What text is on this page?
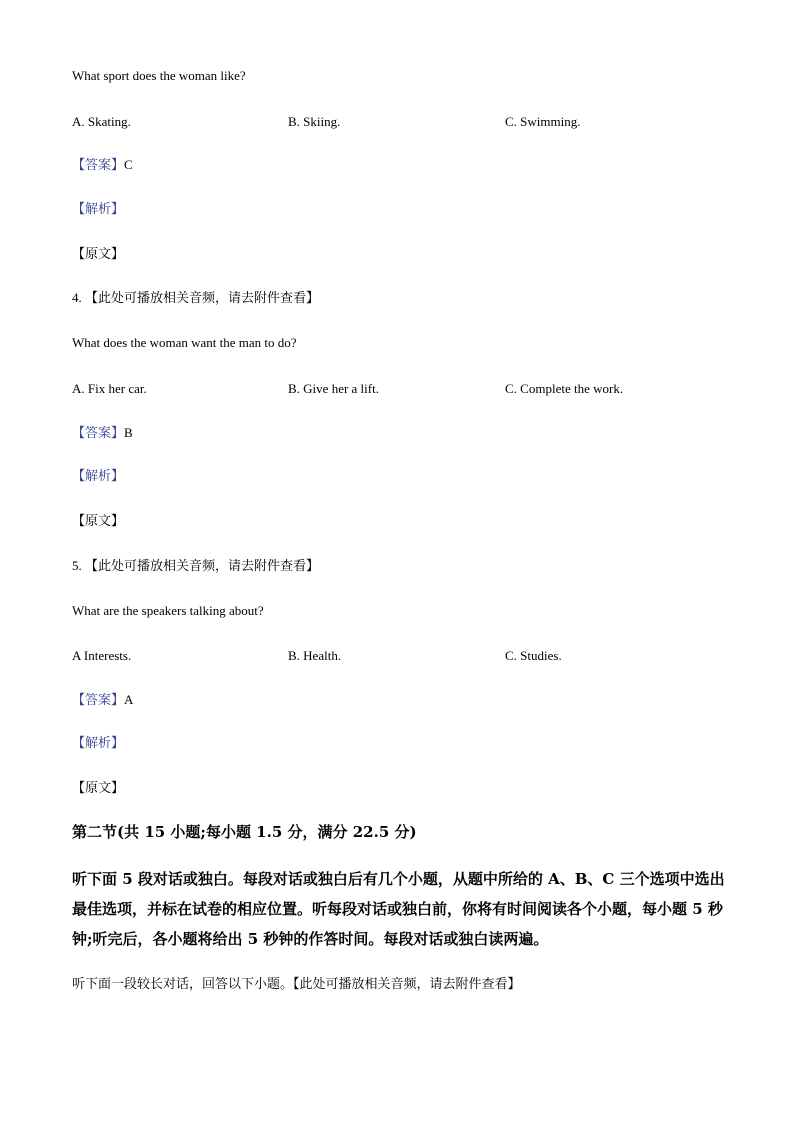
What sport does the woman like?
A. Skating.	B. Skiing.	C. Swimming.
【答案】C
【解析】
【原文】
4. 【此处可播放相关音频，请去附件查看】
What does the woman want the man to do?
A. Fix her car.	B. Give her a lift.	C. Complete the work.
【答案】B
【解析】
【原文】
5. 【此处可播放相关音频，请去附件查看】
What are the speakers talking about?
A Interests.	B. Health.	C. Studies.
【答案】A
【解析】
【原文】
第二节(共 15 小题;每小题 1.5 分，满分 22.5 分)
听下面 5 段对话或独白。每段对话或独白后有几个小题，从题中所给的 A、B、C 三个选项中选出最佳选项，并标在试卷的相应位置。听每段对话或独白前，你将有时间阅读各个小题，每小题 5 秒钟;听完后，各小题将给出 5 秒钟的作答时间。每段对话或独白读两遍。
听下面一段较长对话，回答以下小题。【此处可播放相关音频，请去附件查看】
